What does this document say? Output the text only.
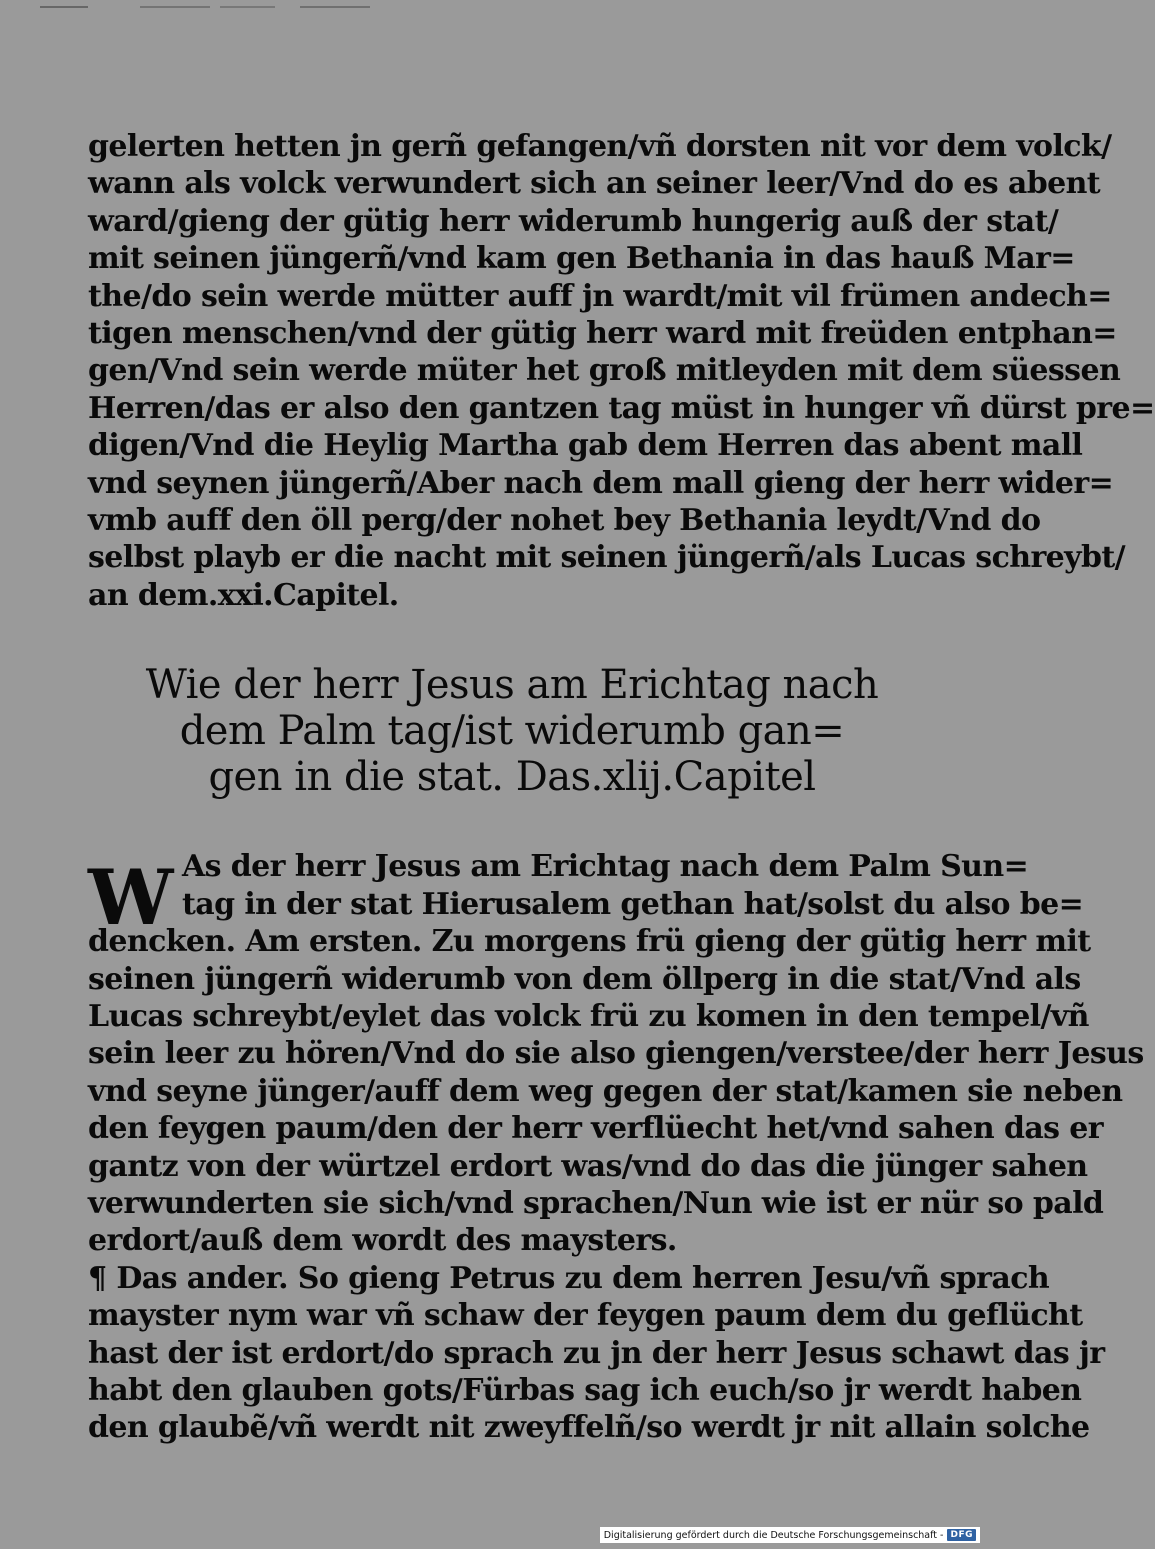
gelerten hetten jn gerñ gefangen/vñ dorsten nit vor dem volck/
wann als volck verwundert sich an seiner leer/Vnd do es abent
ward/gieng der gütig herr widerumb hungerig auß der stat/
mit seinen jüngerñ/vnd kam gen Bethania in das hauß Mar=
the/do sein werde mütter auff jn wardt/mit vil frümen andech=
tigen menschen/vnd der gütig herr ward mit freüden entphan=
gen/Vnd sein werde müter het groß mitleyden mit dem süessen
Herren/das er also den gantzen tag müst in hunger vñ dürst pre=
digen/Vnd die Heylig Martha gab dem Herren das abent mall
vnd seynen jüngerñ/Aber nach dem mall gieng der herr wider=
vmb auff den öll perg/der nohet bey Bethania leydt/Vnd do
selbst playb er die nacht mit seinen jüngerñ/als Lucas schreybt/
an dem.xxi.Capitel.
Wie der herr Jesus am Erichtag nach
dem Palm tag/ist widerumb gan=
gen in die stat. Das.xlij.Capitel
W As der herr Jesus am Erichtag nach dem Palm Sun=
tag in der stat Hierusalem gethan hat/solst du also be=
dencken. Am ersten. Zu morgens frü gieng der gütig herr mit
seinen jüngerñ widerumb von dem öllperg in die stat/Vnd als
Lucas schreybt/eylet das volck frü zu komen in den tempel/vñ
sein leer zu hören/Vnd do sie also giengen/verstee/der herr Jesus
vnd seyne jünger/auff dem weg gegen der stat/kamen sie neben
den feygen paum/den der herr verflüecht het/vnd sahen das er
gantz von der würtzel erdort was/vnd do das die jünger sahen
verwunderten sie sich/vnd sprachen/Nun wie ist er nür so pald
erdort/auß dem wordt des maysters.
¶ Das ander. So gieng Petrus zu dem herren Jesu/vñ sprach
mayster nym war vñ schaw der feygen paum dem du geflücht
hast der ist erdort/do sprach zu jn der herr Jesus schawt das jr
habt den glauben gots/Fürbas sag ich euch/so jr werdt haben
den glaubẽ/vñ werdt nit zweyffelñ/so werdt jr nit allain solche
Digitalisierung gefördert durch die Deutsche Forschungsgemeinschaft - DFG
